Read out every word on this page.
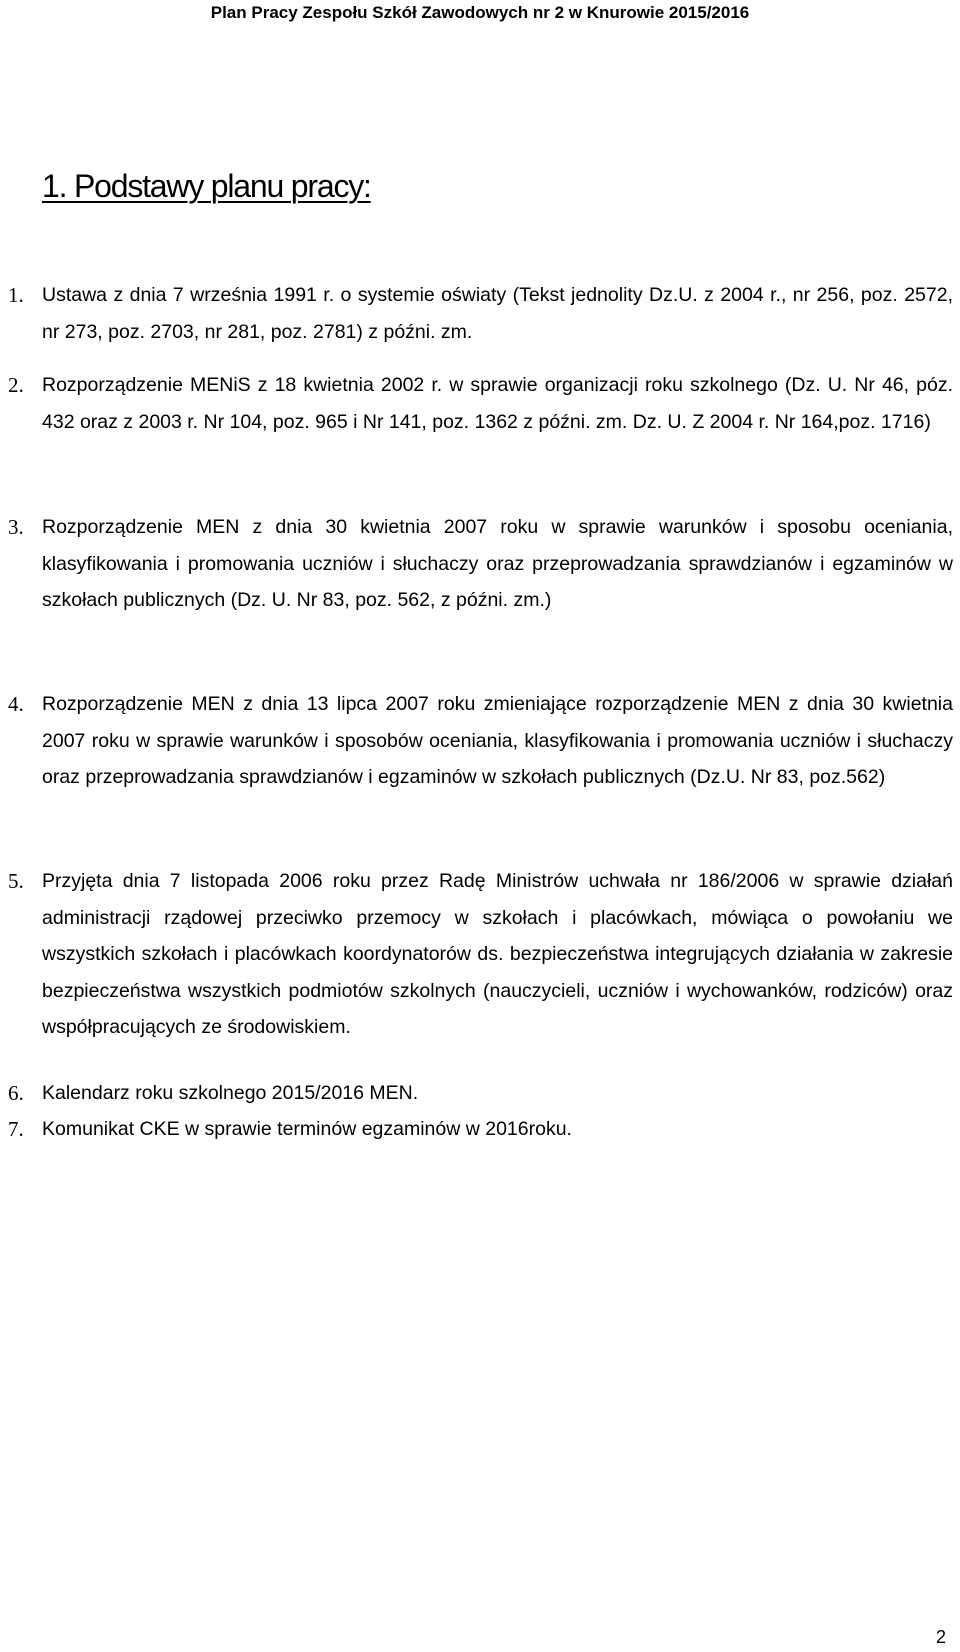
Plan Pracy Zespołu Szkół Zawodowych nr 2 w Knurowie 2015/2016
1. Podstawy planu pracy:
1. Ustawa z dnia 7 września 1991 r. o systemie oświaty (Tekst jednolity Dz.U. z 2004 r., nr 256, poz. 2572, nr 273, poz. 2703, nr 281, poz. 2781) z późni. zm.
2. Rozporządzenie MENiS z 18 kwietnia 2002 r. w sprawie organizacji roku szkolnego (Dz. U. Nr 46, póz. 432 oraz z 2003 r. Nr 104, poz. 965 i Nr 141, poz. 1362 z późni. zm. Dz. U. Z 2004 r. Nr 164,poz. 1716)
3. Rozporządzenie MEN z dnia 30 kwietnia 2007 roku w sprawie warunków i sposobu oceniania, klasyfikowania i promowania uczniów i słuchaczy oraz przeprowadzania sprawdzianów i egzaminów w szkołach publicznych (Dz. U. Nr 83, poz. 562, z późni. zm.)
4. Rozporządzenie MEN z dnia 13 lipca 2007 roku zmieniające rozporządzenie MEN z dnia 30 kwietnia 2007 roku w sprawie warunków i sposobów oceniania, klasyfikowania i promowania uczniów i słuchaczy oraz przeprowadzania sprawdzianów i egzaminów w szkołach publicznych (Dz.U. Nr 83, poz.562)
5. Przyjęta dnia 7 listopada 2006 roku przez Radę Ministrów uchwała nr 186/2006 w sprawie działań administracji rządowej przeciwko przemocy w szkołach i placówkach, mówiąca o powołaniu we wszystkich szkołach i placówkach koordynatorów ds. bezpieczeństwa integrujących działania w zakresie bezpieczeństwa wszystkich podmiotów szkolnych (nauczycieli, uczniów i wychowanków, rodziców) oraz współpracujących ze środowiskiem.
6. Kalendarz roku szkolnego 2015/2016 MEN.
7. Komunikat CKE w sprawie terminów egzaminów w 2016roku.
2
